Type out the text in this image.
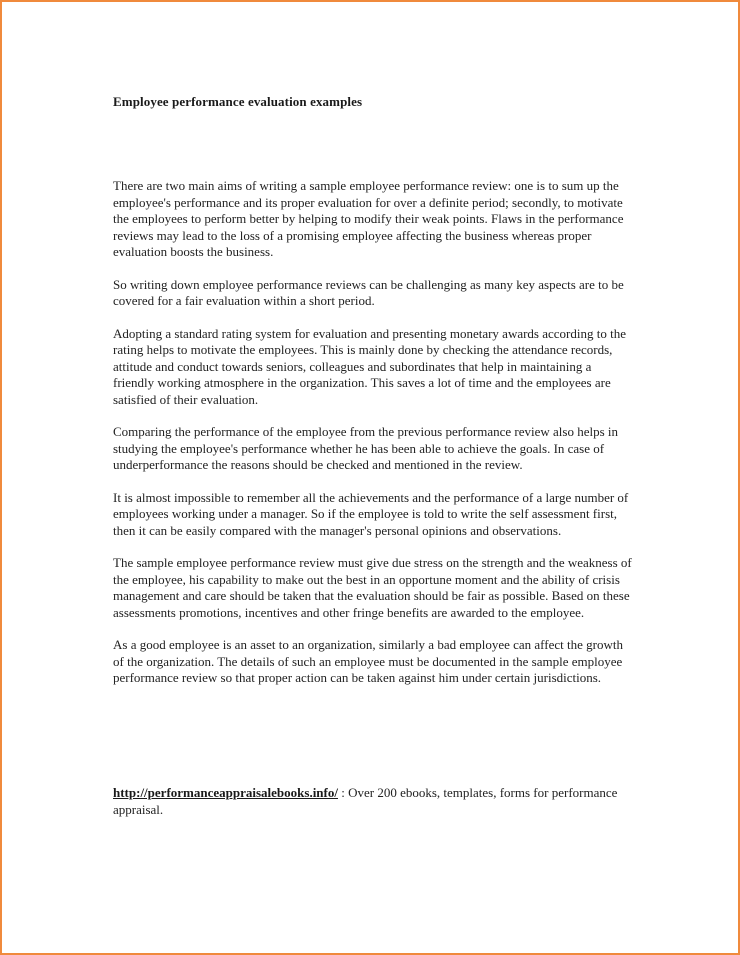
Employee performance evaluation examples

There are two main aims of writing a sample employee performance review: one is to sum up the employee's performance and its proper evaluation for over a definite period; secondly, to motivate the employees to perform better by helping to modify their weak points. Flaws in the performance reviews may lead to the loss of a promising employee affecting the business whereas proper evaluation boosts the business.

So writing down employee performance reviews can be challenging as many key aspects are to be covered for a fair evaluation within a short period.

Adopting a standard rating system for evaluation and presenting monetary awards according to the rating helps to motivate the employees. This is mainly done by checking the attendance records, attitude and conduct towards seniors, colleagues and subordinates that help in maintaining a friendly working atmosphere in the organization. This saves a lot of time and the employees are satisfied of their evaluation.

Comparing the performance of the employee from the previous performance review also helps in studying the employee's performance whether he has been able to achieve the goals. In case of underperformance the reasons should be checked and mentioned in the review.

It is almost impossible to remember all the achievements and the performance of a large number of employees working under a manager. So if the employee is told to write the self assessment first, then it can be easily compared with the manager's personal opinions and observations.

The sample employee performance review must give due stress on the strength and the weakness of the employee, his capability to make out the best in an opportune moment and the ability of crisis management and care should be taken that the evaluation should be fair as possible. Based on these assessments promotions, incentives and other fringe benefits are awarded to the employee.

As a good employee is an asset to an organization, similarly a bad employee can affect the growth of the organization. The details of such an employee must be documented in the sample employee performance review so that proper action can be taken against him under certain jurisdictions.

http://performanceappraisalebooks.info/ : Over 200 ebooks, templates, forms for performance appraisal.
